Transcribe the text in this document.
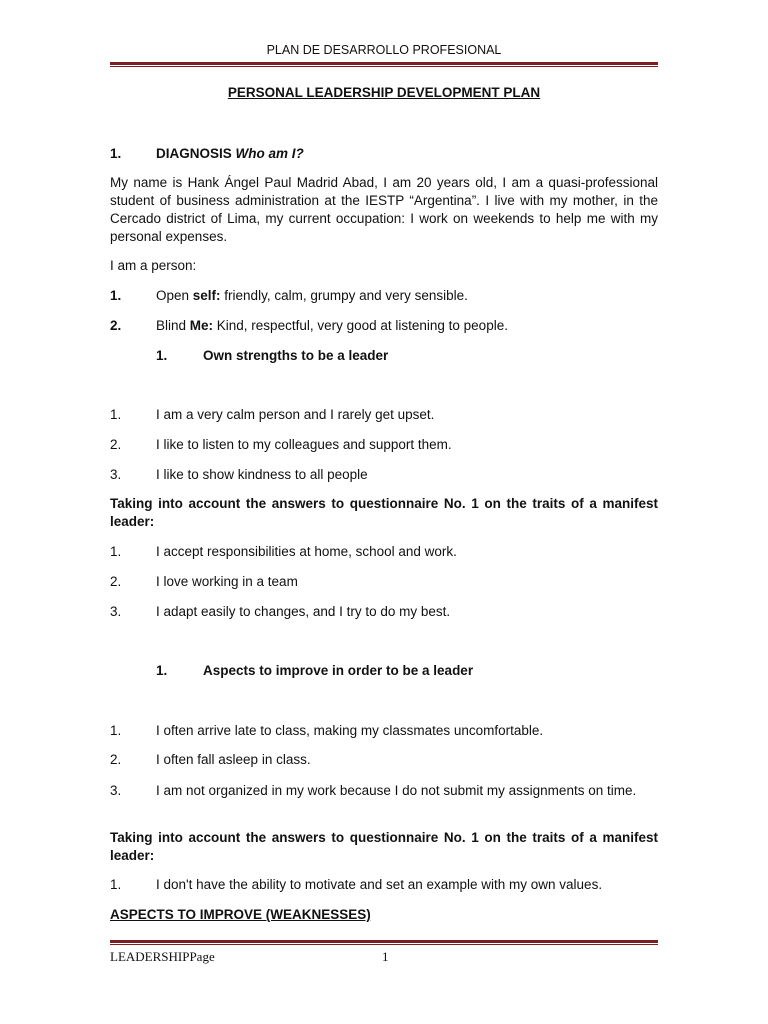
PLAN DE DESARROLLO PROFESIONAL
PERSONAL LEADERSHIP DEVELOPMENT PLAN
1.	DIAGNOSIS Who am I?
My name is Hank Ángel Paul Madrid Abad, I am 20 years old, I am a quasi-professional student of business administration at the IESTP “Argentina”. I live with my mother, in the Cercado district of Lima, my current occupation: I work on weekends to help me with my personal expenses.
I am a person:
1.	Open self: friendly, calm, grumpy and very sensible.
2.	Blind Me: Kind, respectful, very good at listening to people.
1.	Own strengths to be a leader
1.	I am a very calm person and I rarely get upset.
2.	I like to listen to my colleagues and support them.
3.	I like to show kindness to all people
Taking into account the answers to questionnaire No. 1 on the traits of a manifest leader:
1.	I accept responsibilities at home, school and work.
2.	I love working in a team
3.	I adapt easily to changes, and I try to do my best.
1.	Aspects to improve in order to be a leader
1.	I often arrive late to class, making my classmates uncomfortable.
2.	I often fall asleep in class.
3.	I am not organized in my work because I do not submit my assignments on time.
Taking into account the answers to questionnaire No. 1 on the traits of a manifest leader:
1.	I don't have the ability to motivate and set an example with my own values.
ASPECTS TO IMPROVE (WEAKNESSES)
LEADERSHIPPage	1
